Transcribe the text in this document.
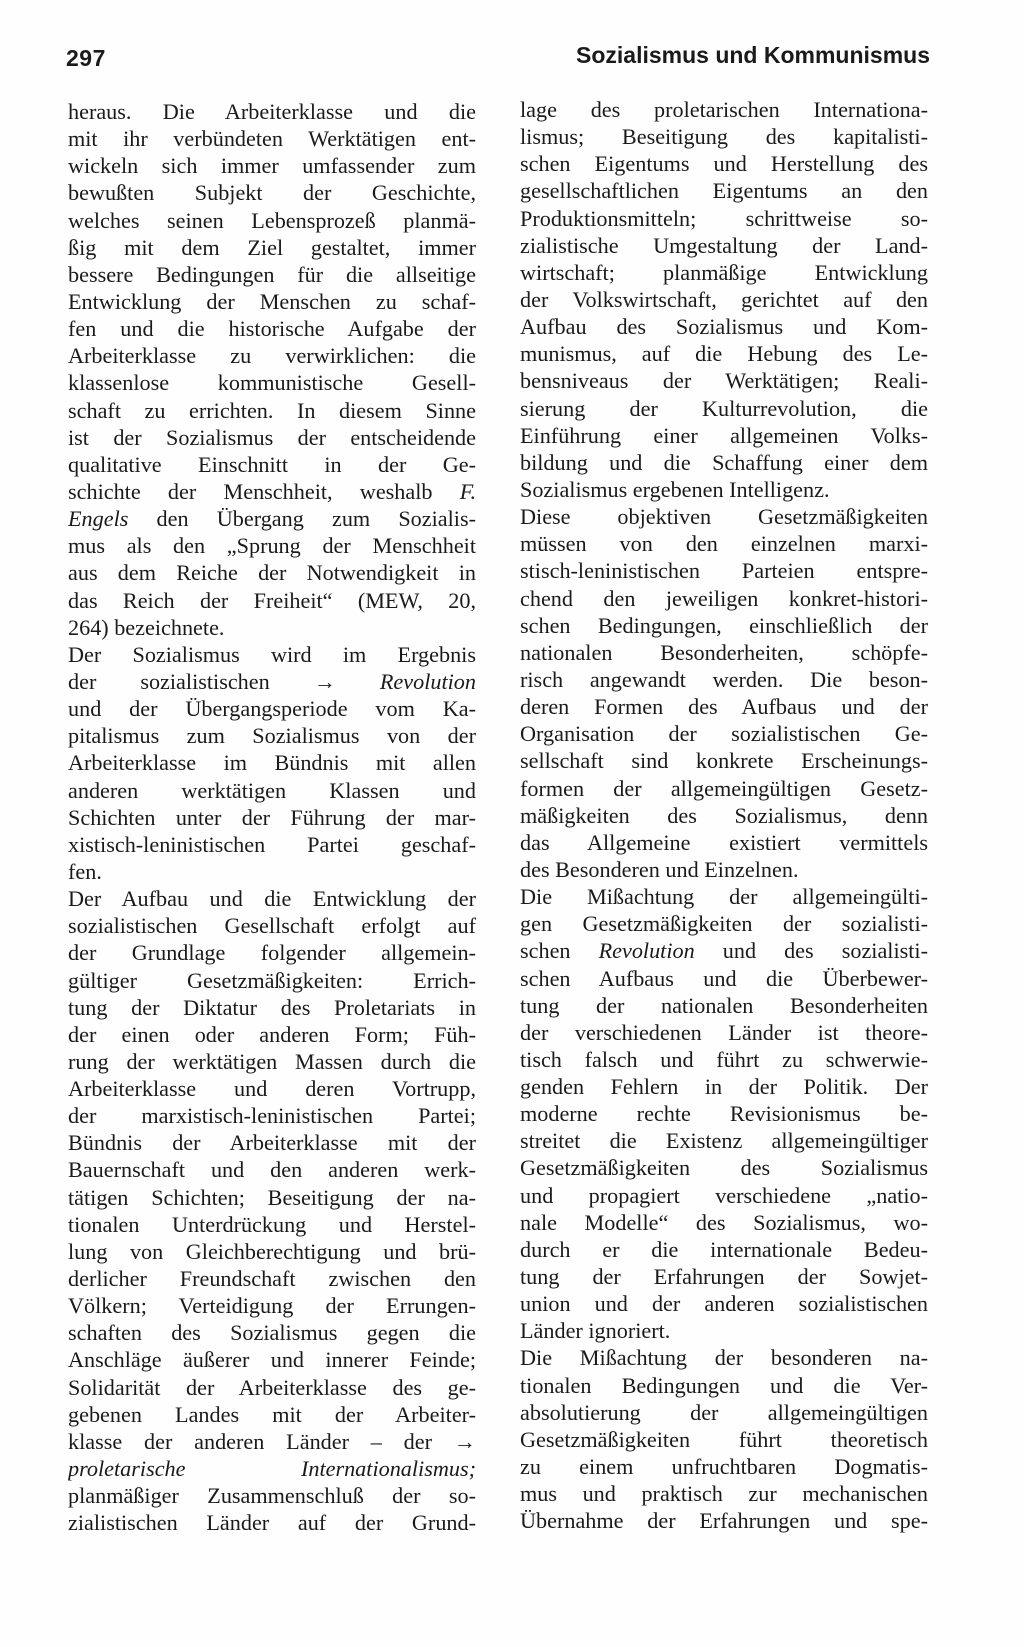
297	Sozialismus und Kommunismus
heraus. Die Arbeiterklasse und die
mit ihr verbündeten Werktätigen ent-
wickeln sich immer umfassender zum
bewußten Subjekt der Geschichte,
welches seinen Lebensprozeß planmä-
ßig mit dem Ziel gestaltet, immer
bessere Bedingungen für die allseitige
Entwicklung der Menschen zu schaf-
fen und die historische Aufgabe der
Arbeiterklasse zu verwirklichen: die
klassenlose kommunistische Gesell-
schaft zu errichten. In diesem Sinne
ist der Sozialismus der entscheidende
qualitative Einschnitt in der Ge-
schichte der Menschheit, weshalb F.
Engels den Übergang zum Sozialis-
mus als den „Sprung der Menschheit
aus dem Reiche der Notwendigkeit in
das Reich der Freiheit“ (MEW, 20,
264) bezeichnete.
Der Sozialismus wird im Ergebnis
der sozialistischen → Revolution
und der Übergangsperiode vom Ka-
pitalismus zum Sozialismus von der
Arbeiterklasse im Bündnis mit allen
anderen werktätigen Klassen und
Schichten unter der Führung der mar-
xistisch-leninistischen Partei geschaf-
fen.
Der Aufbau und die Entwicklung der
sozialistischen Gesellschaft erfolgt auf
der Grundlage folgender allgemein-
gültiger Gesetzmäßigkeiten: Errich-
tung der Diktatur des Proletariats in
der einen oder anderen Form; Füh-
rung der werktätigen Massen durch die
Arbeiterklasse und deren Vortrupp,
der marxistisch-leninistischen Partei;
Bündnis der Arbeiterklasse mit der
Bauernschaft und den anderen werk-
tätigen Schichten; Beseitigung der na-
tionalen Unterdrückung und Herstel-
lung von Gleichberechtigung und brü-
derlicher Freundschaft zwischen den
Völkern; Verteidigung der Errungen-
schaften des Sozialismus gegen die
Anschläge äußerer und innerer Feinde;
Solidarität der Arbeiterklasse des ge-
gebenen Landes mit der Arbeiter-
klasse der anderen Länder – der →
proletarische Internationalismus;
planmäßiger Zusammenschluß der so-
zialistischen Länder auf der Grund-
lage des proletarischen Internationa-
lismus; Beseitigung des kapitalisti-
schen Eigentums und Herstellung des
gesellschaftlichen Eigentums an den
Produktionsmitteln; schrittweise so-
zialistische Umgestaltung der Land-
wirtschaft; planmäßige Entwicklung
der Volkswirtschaft, gerichtet auf den
Aufbau des Sozialismus und Kom-
munismus, auf die Hebung des Le-
bensniveaus der Werktätigen; Reali-
sierung der Kulturrevolution, die
Einführung einer allgemeinen Volks-
bildung und die Schaffung einer dem
Sozialismus ergebenen Intelligenz.
Diese objektiven Gesetzmäßigkeiten
müssen von den einzelnen marxi-
stisch-leninistischen Parteien entspre-
chend den jeweiligen konkret-histori-
schen Bedingungen, einschließlich der
nationalen Besonderheiten, schöpfe-
risch angewandt werden. Die beson-
deren Formen des Aufbaus und der
Organisation der sozialistischen Ge-
sellschaft sind konkrete Erscheinungs-
formen der allgemeingültigen Gesetz-
mäßigkeiten des Sozialismus, denn
das Allgemeine existiert vermittels
des Besonderen und Einzelnen.
Die Mißachtung der allgemeingülti-
gen Gesetzmäßigkeiten der sozialisti-
schen Revolution und des sozialisti-
schen Aufbaus und die Überbewer-
tung der nationalen Besonderheiten
der verschiedenen Länder ist theore-
tisch falsch und führt zu schwerwie-
genden Fehlern in der Politik. Der
moderne rechte Revisionismus be-
streitet die Existenz allgemeingültiger
Gesetzmäßigkeiten des Sozialismus
und propagiert verschiedene „natio-
nale Modelle“ des Sozialismus, wo-
durch er die internationale Bedeu-
tung der Erfahrungen der Sowjet-
union und der anderen sozialistischen
Länder ignoriert.
Die Mißachtung der besonderen na-
tionalen Bedingungen und die Ver-
absolutierung der allgemeingültigen
Gesetzmäßigkeiten führt theoretisch
zu einem unfruchtbaren Dogmatis-
mus und praktisch zur mechanischen
Übernahme der Erfahrungen und spe-
